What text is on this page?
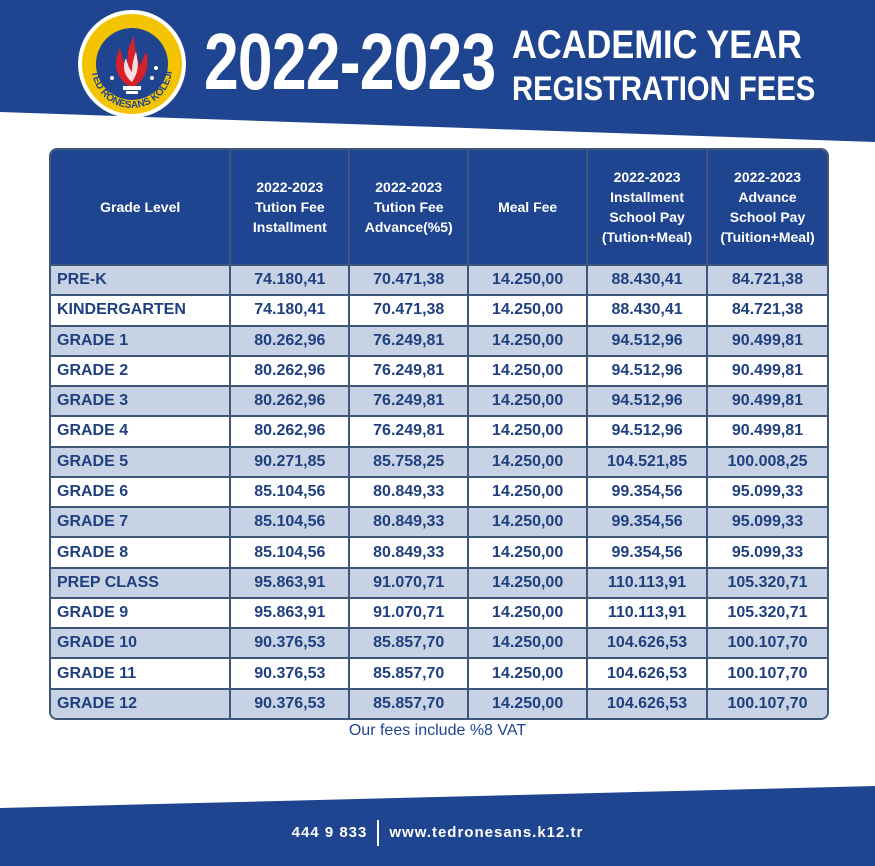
TED RÖNESANS KOLEJİ 2022-2023 ACADEMIC YEAR
REGISTRATION FEES
Grade Level	2022-2023
Tution Fee
Installment	2022-2023
Tution Fee
Advance(%5)	Meal Fee	2022-2023
Installment
School Pay
(Tution+Meal)	2022-2023
Advance
School Pay
(Tuition+Meal)
PRE-K	74.180,41	70.471,38	14.250,00	88.430,41	84.721,38
KINDERGARTEN	74.180,41	70.471,38	14.250,00	88.430,41	84.721,38
GRADE 1	80.262,96	76.249,81	14.250,00	94.512,96	90.499,81
GRADE 2	80.262,96	76.249,81	14.250,00	94.512,96	90.499,81
GRADE 3	80.262,96	76.249,81	14.250,00	94.512,96	90.499,81
GRADE 4	80.262,96	76.249,81	14.250,00	94.512,96	90.499,81
GRADE 5	90.271,85	85.758,25	14.250,00	104.521,85	100.008,25
GRADE 6	85.104,56	80.849,33	14.250,00	99.354,56	95.099,33
GRADE 7	85.104,56	80.849,33	14.250,00	99.354,56	95.099,33
GRADE 8	85.104,56	80.849,33	14.250,00	99.354,56	95.099,33
PREP CLASS	95.863,91	91.070,71	14.250,00	110.113,91	105.320,71
GRADE 9	95.863,91	91.070,71	14.250,00	110.113,91	105.320,71
GRADE 10	90.376,53	85.857,70	14.250,00	104.626,53	100.107,70
GRADE 11	90.376,53	85.857,70	14.250,00	104.626,53	100.107,70
GRADE 12	90.376,53	85.857,70	14.250,00	104.626,53	100.107,70
Our fees include %8 VAT
444 9 833 www.tedronesans.k12.tr
